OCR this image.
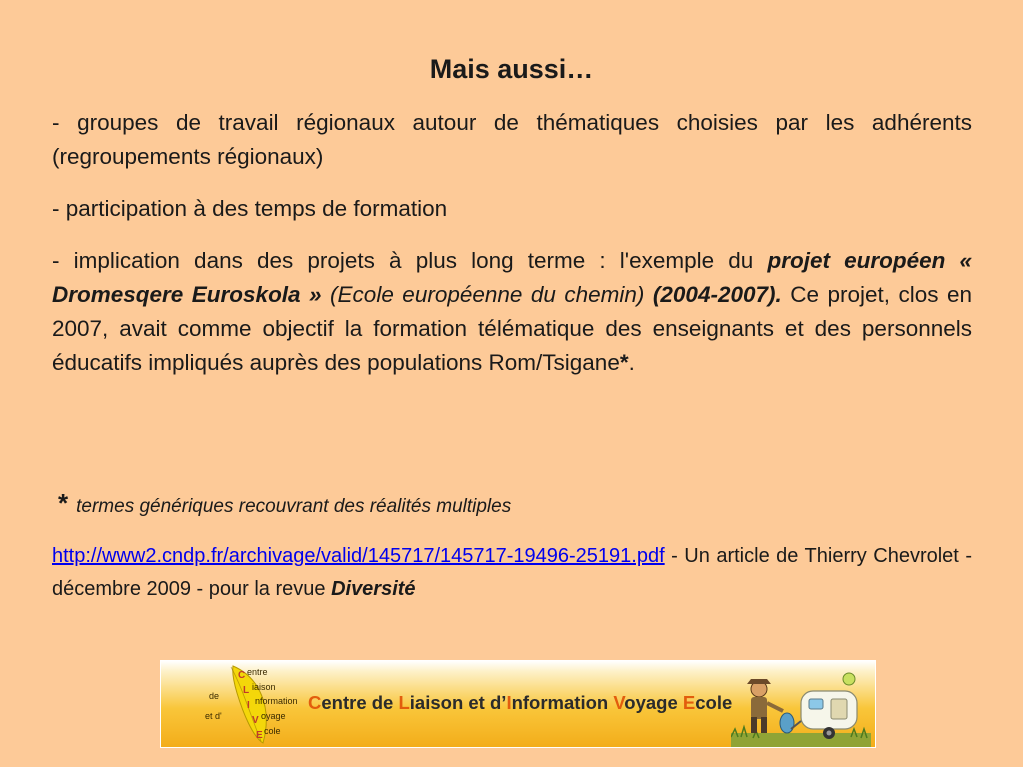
Mais aussi…

- groupes de travail régionaux autour de thématiques choisies par les adhérents (regroupements régionaux)

- participation à des temps de formation

- implication dans des projets à plus long terme : l'exemple du projet européen « Dromesqere Euroskola » (Ecole européenne du chemin) (2004-2007). Ce projet, clos en 2007, avait comme objectif la formation télématique des enseignants et des personnels éducatifs impliqués auprès des populations Rom/Tsigane*.

* termes génériques recouvrant des réalités multiples
http://www2.cndp.fr/archivage/valid/145717/145717-19496-25191.pdf - Un article de Thierry Chevrolet - décembre 2009 - pour la revue Diversité
C
L
I
V
E
entre
iaison
nformation
oyage
cole
de
et d'
Centre de Liaison et d’Information Voyage Ecole
